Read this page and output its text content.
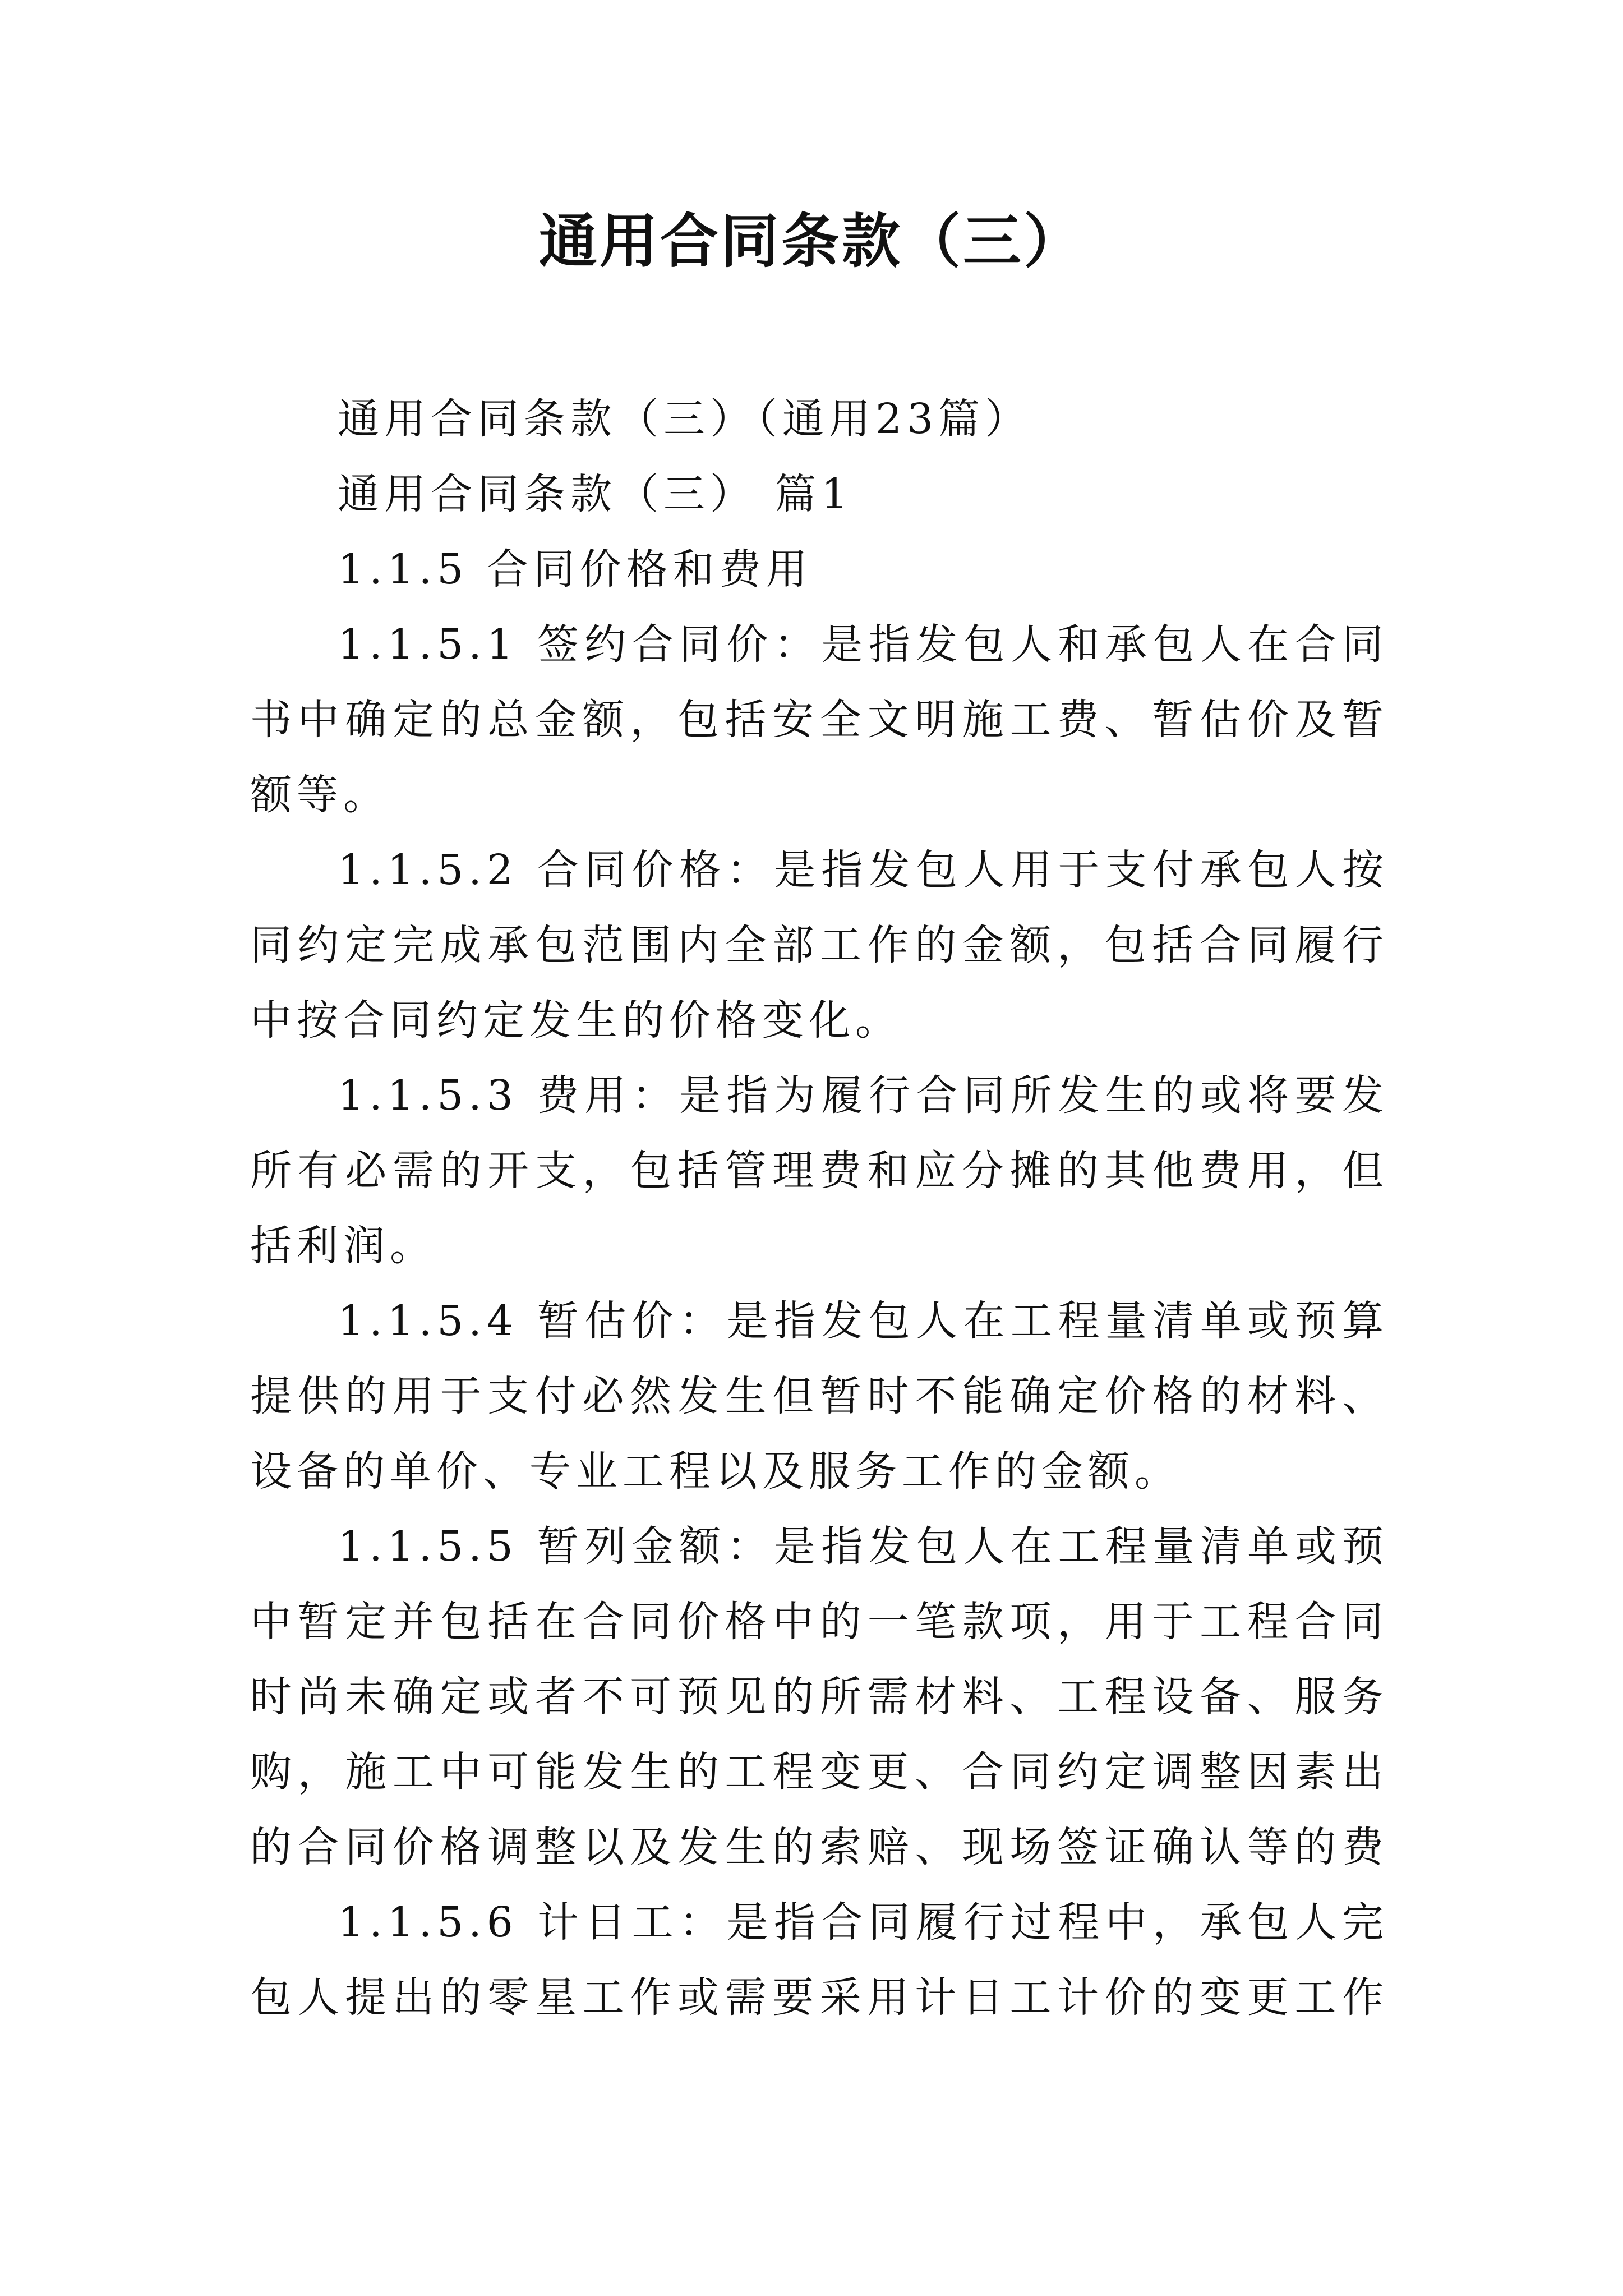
通用合同条款（三）
通用合同条款（三）（通用23篇）
通用合同条款（三） 篇1
1.1.5 合同价格和费用
1.1.5.1 签约合同价：是指发包人和承包人在合同
书中确定的总金额，包括安全文明施工费、暂估价及暂
额等。
1.1.5.2 合同价格：是指发包人用于支付承包人按
同约定完成承包范围内全部工作的金额，包括合同履行
中按合同约定发生的价格变化。
1.1.5.3 费用：是指为履行合同所发生的或将要发
所有必需的开支，包括管理费和应分摊的其他费用，但
括利润。
1.1.5.4 暂估价：是指发包人在工程量清单或预算
提供的用于支付必然发生但暂时不能确定价格的材料、
设备的单价、专业工程以及服务工作的金额。
1.1.5.5 暂列金额：是指发包人在工程量清单或预
中暂定并包括在合同价格中的一笔款项，用于工程合同
时尚未确定或者不可预见的所需材料、工程设备、服务
购，施工中可能发生的工程变更、合同约定调整因素出
的合同价格调整以及发生的索赔、现场签证确认等的费
1.1.5.6 计日工：是指合同履行过程中，承包人完
包人提出的零星工作或需要采用计日工计价的变更工作
